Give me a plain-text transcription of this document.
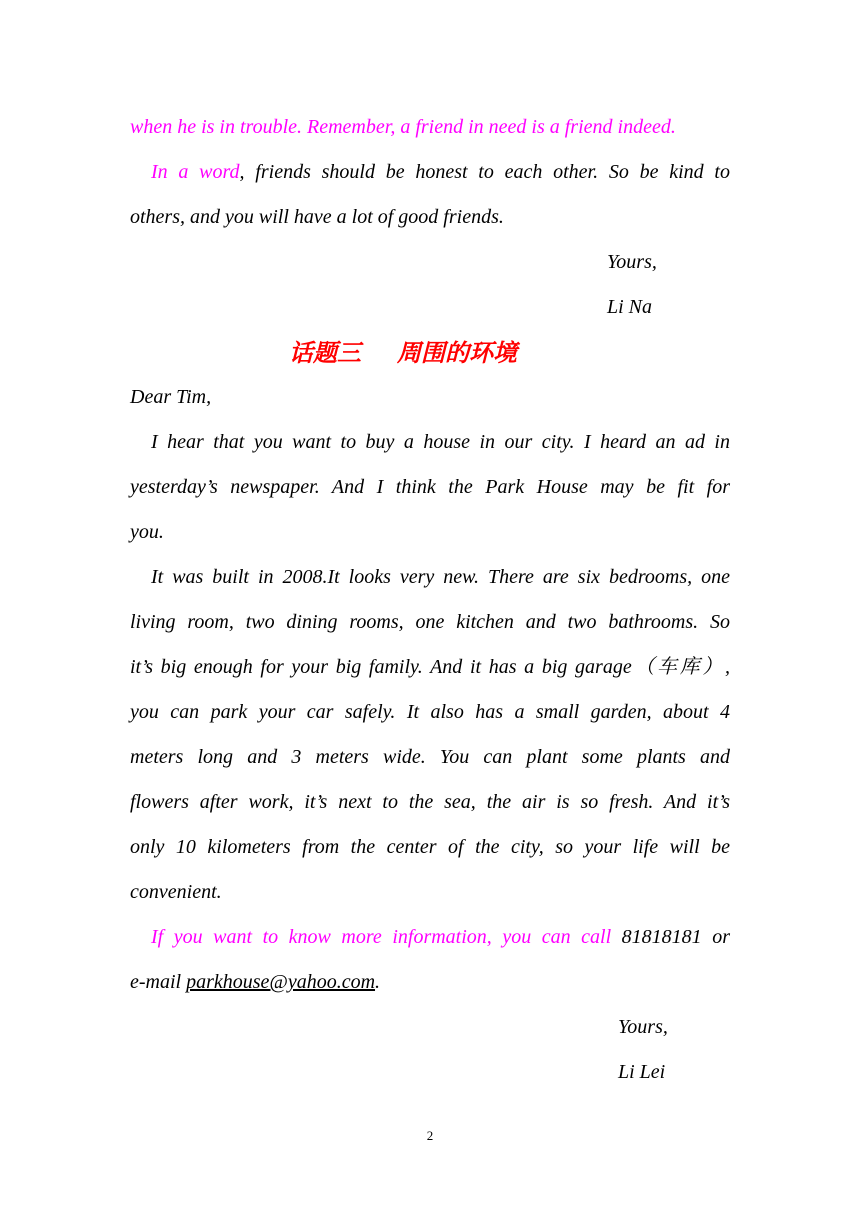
when he is in trouble. Remember, a friend in need is a friend indeed.
In a word, friends should be honest to each other. So be kind to
others, and you will have a lot of good friends.
Yours,
Li Na
话题三 周围的环境
Dear Tim,
I hear that you want to buy a house in our city. I heard an ad in
yesterday’s newspaper. And I think the Park House may be fit for
you.
It was built in 2008.It looks very new. There are six bedrooms, one
living room, two dining rooms, one kitchen and two bathrooms. So
it’s big enough for your big family. And it has a big garage（车库）,
you can park your car safely. It also has a small garden, about 4
meters long and 3 meters wide. You can plant some plants and
flowers after work, it’s next to the sea, the air is so fresh. And it’s
only 10 kilometers from the center of the city, so your life will be
convenient.
If you want to know more information, you can call 81818181 or
e-mail parkhouse@yahoo.com.
Yours,
Li Lei
2
